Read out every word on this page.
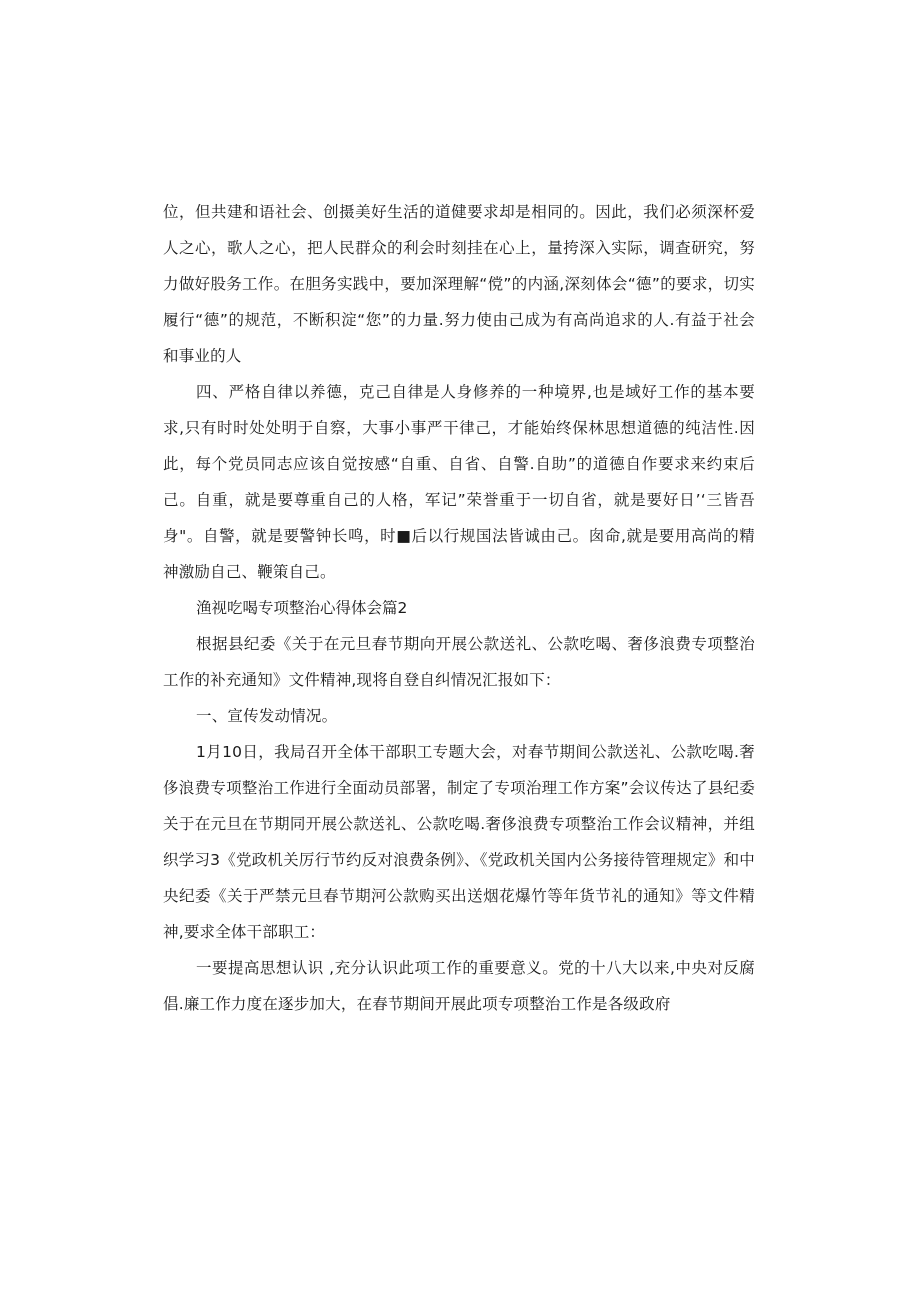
位，但共建和语社会、创摄美好生活的道健要求却是相同的。因此，我们必须深杯爱人之心，歌人之心，把人民群众的利会时刻挂在心上，量挎深入实际，调查研究，努力做好股务工作。在胆务实践中，要加深理解“傥”的内涵,深刻体会“德”的要求，切实履行“德”的规范，不断积淀“您”的力量.努力使由己成为有高尚追求的人.有益于社会和事业的人

四、严格自律以养德，克己自律是人身修养的一种境界,也是域好工作的基本要求,只有时时处处明于自察，大事小事严干律己，才能始终保林思想道德的纯洁性.因此，每个党员同志应该自觉按感“自重、自省、自警.自助”的道德自作要求来约束后己。自重，就是要尊重自己的人格，军记”荣誉重于一切自省，就是要好日’‘三皆吾身"。自警，就是要警钟长鸣，时■后以行规国法皆诚由己。囱命,就是要用高尚的精神激励自己、鞭策自己。

渔视吃喝专项整治心得体会篇2

根据县纪委《关于在元旦春节期向开展公款送礼、公款吃喝、奢侈浪费专项整治工作的补充通知》文件精神,现将自登自纠情况汇报如下：

一、宣传发动情况。

1月10日，我局召开全体干部职工专题大会，对春节期间公款送礼、公款吃喝.奢侈浪费专项整治工作进行全面动员部署，制定了专项治理工作方案”会议传达了县纪委关于在元旦在节期同开展公款送礼、公款吃喝.奢侈浪费专项整治工作会议精神，并组织学习3《党政机关厉行节约反对浪费条例》、《党政机关国内公务接待管理规定》和中央纪委《关于严禁元旦春节期河公款购买出送烟花爆竹等年货节礼的通知》等文件精神,要求全体干部职工：

一要提高思想认识 ,充分认识此项工作的重要意义。党的十八大以来,中央对反腐倡.廉工作力度在逐步加大，在春节期间开展此项专项整治工作是各级政府
